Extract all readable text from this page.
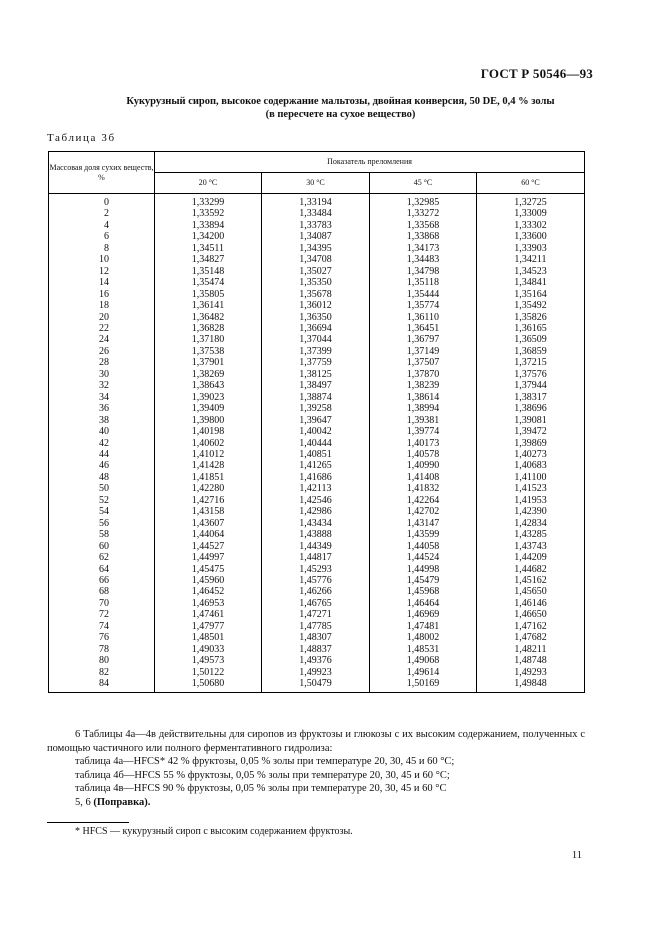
ГОСТ Р 50546—93
Кукурузный сироп, высокое содержание мальтозы, двойная конверсия, 50 DE, 0,4 % золы
(в пересчете на сухое вещество)
Таблица 3б
Массовая доля сухих веществ, %	Показатель преломления			
	20 °С	30 °С	45 °С	60 °С
0	1,33299	1,33194	1,32985	1,32725
2	1,33592	1,33484	1,33272	1,33009
4	1,33894	1,33783	1,33568	1,33302
6	1,34200	1,34087	1,33868	1,33600
8	1,34511	1,34395	1,34173	1,33903
10	1,34827	1,34708	1,34483	1,34211
12	1,35148	1,35027	1,34798	1,34523
14	1,35474	1,35350	1,35118	1,34841
16	1,35805	1,35678	1,35444	1,35164
18	1,36141	1,36012	1,35774	1,35492
20	1,36482	1,36350	1,36110	1,35826
22	1,36828	1,36694	1,36451	1,36165
24	1,37180	1,37044	1,36797	1,36509
26	1,37538	1,37399	1,37149	1,36859
28	1,37901	1,37759	1,37507	1,37215
30	1,38269	1,38125	1,37870	1,37576
32	1,38643	1,38497	1,38239	1,37944
34	1,39023	1,38874	1,38614	1,38317
36	1,39409	1,39258	1,38994	1,38696
38	1,39800	1,39647	1,39381	1,39081
40	1,40198	1,40042	1,39774	1,39472
42	1,40602	1,40444	1,40173	1,39869
44	1,41012	1,40851	1,40578	1,40273
46	1,41428	1,41265	1,40990	1,40683
48	1,41851	1,41686	1,41408	1,41100
50	1,42280	1,42113	1,41832	1,41523
52	1,42716	1,42546	1,42264	1,41953
54	1,43158	1,42986	1,42702	1,42390
56	1,43607	1,43434	1,43147	1,42834
58	1,44064	1,43888	1,43599	1,43285
60	1,44527	1,44349	1,44058	1,43743
62	1,44997	1,44817	1,44524	1,44209
64	1,45475	1,45293	1,44998	1,44682
66	1,45960	1,45776	1,45479	1,45162
68	1,46452	1,46266	1,45968	1,45650
70	1,46953	1,46765	1,46464	1,46146
72	1,47461	1,47271	1,46969	1,46650
74	1,47977	1,47785	1,47481	1,47162
76	1,48501	1,48307	1,48002	1,47682
78	1,49033	1,48837	1,48531	1,48211
80	1,49573	1,49376	1,49068	1,48748
82	1,50122	1,49923	1,49614	1,49293
84	1,50680	1,50479	1,50169	1,49848

6 Таблицы 4а—4в действительны для сиропов из фруктозы и глюкозы с их высоким содержанием, полученных с помощью частичного или полного ферментативного гидролиза:

таблица 4а—HFCS* 42 % фруктозы, 0,05 % золы при температуре 20, 30, 45 и 60 °С;

таблица 4б—HFCS 55 % фруктозы, 0,05 % золы при температуре 20, 30, 45 и 60 °С;

таблица 4в—HFCS 90 % фруктозы, 0,05 % золы при температуре 20, 30, 45 и 60 °С

5, 6 (Поправка).

* HFCS — кукурузный сироп с высоким содержанием фруктозы.
11
